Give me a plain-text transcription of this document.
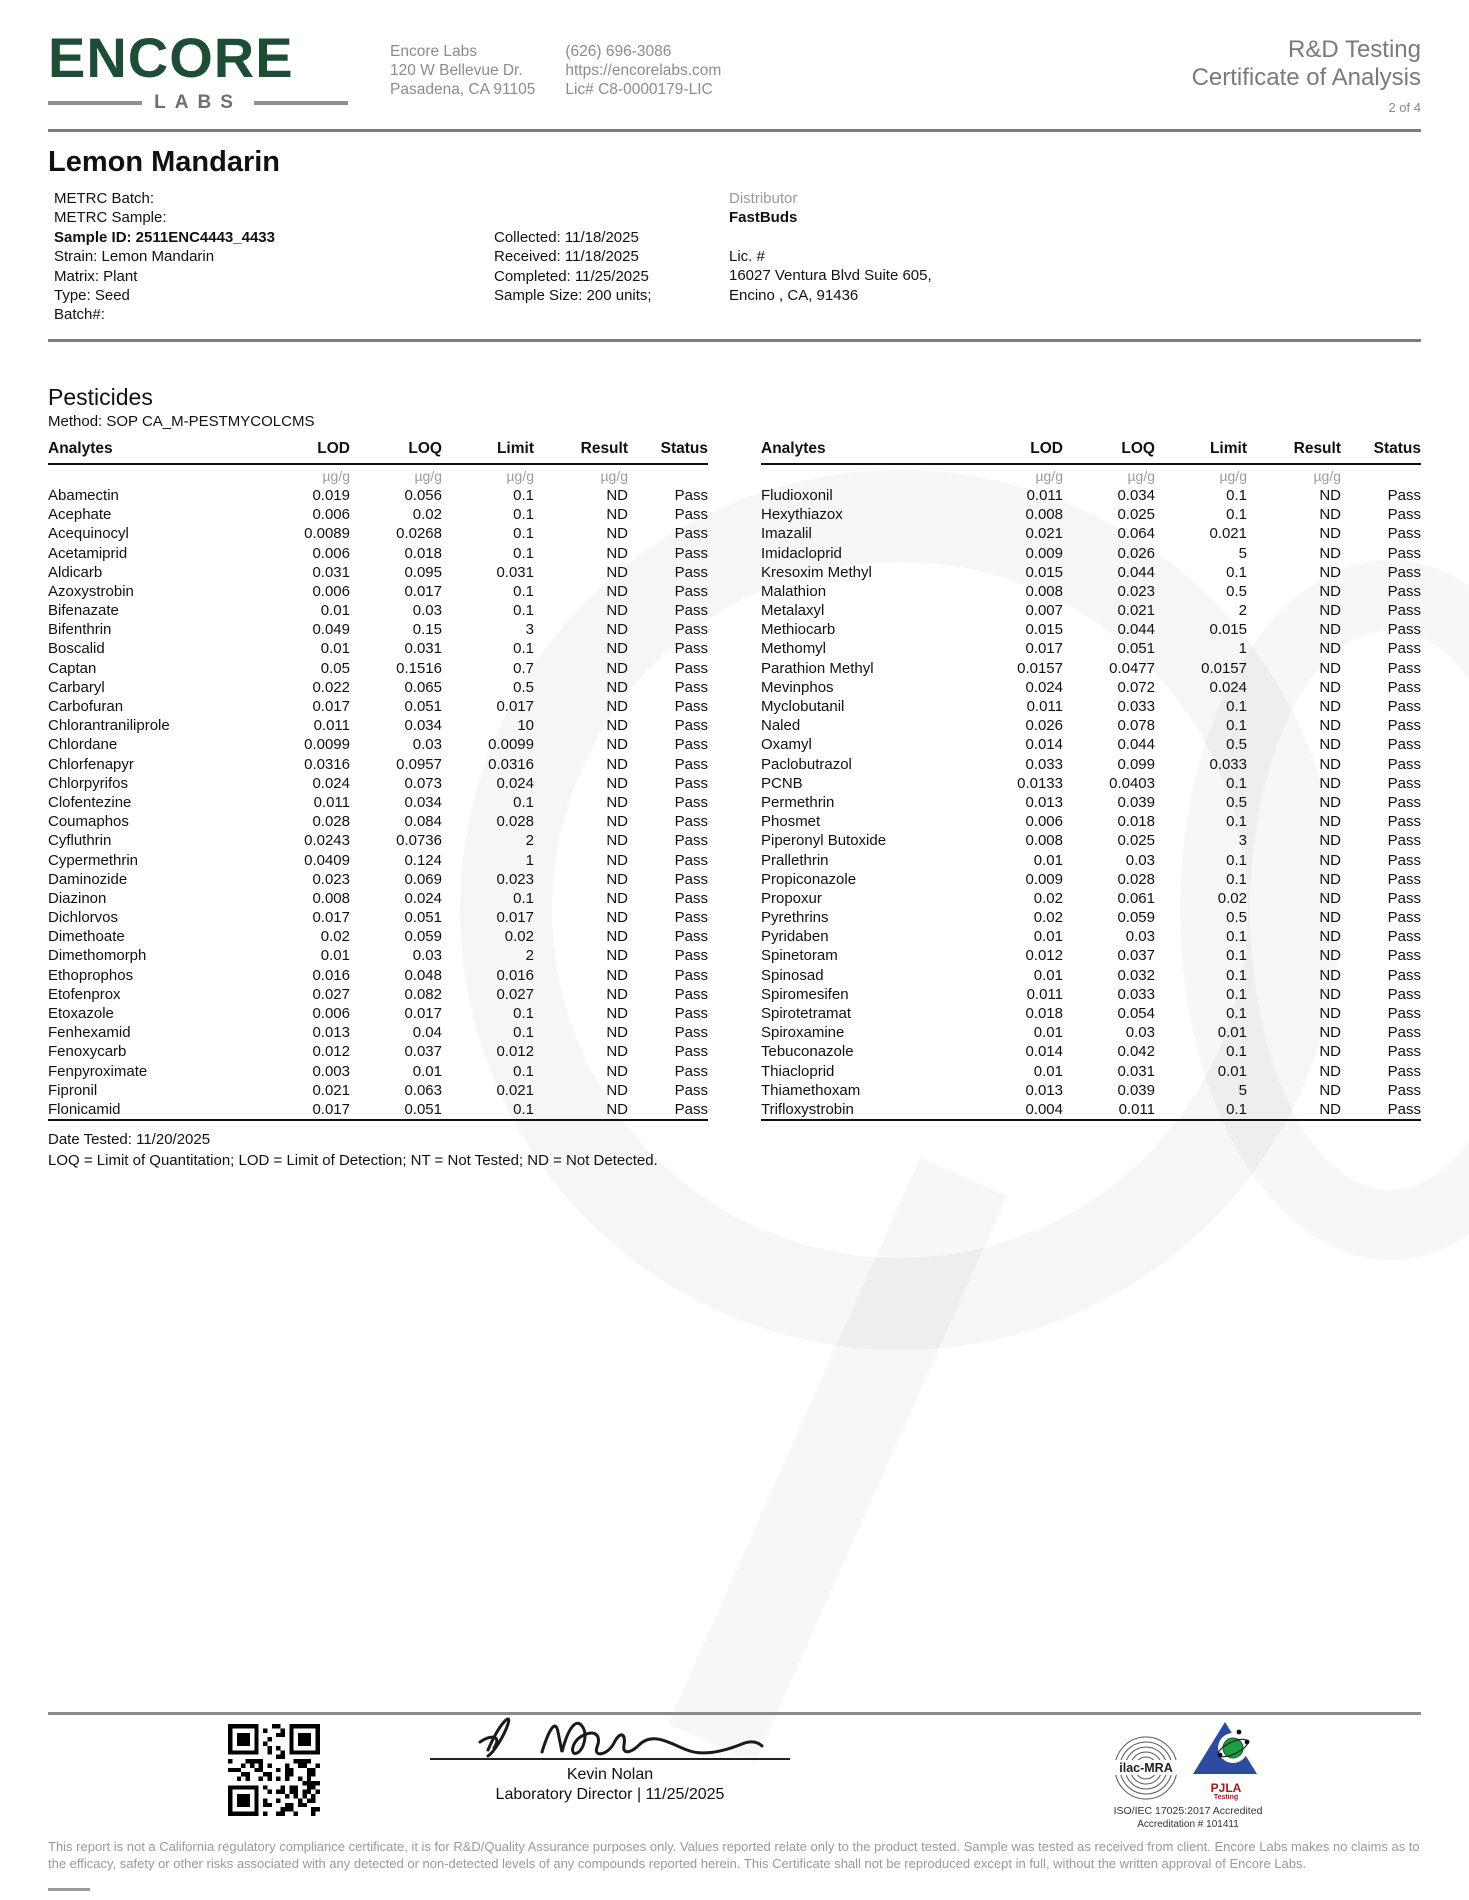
ENCORE
LABS
Encore Labs
120 W Bellevue Dr.
Pasadena, CA 91105
(626) 696-3086
https://encorelabs.com
Lic# C8-0000179-LIC
R&D Testing
Certificate of Analysis
2 of 4
Lemon Mandarin
METRC Batch:
METRC Sample:
Sample ID: 2511ENC4443_4433
Strain: Lemon Mandarin
Matrix: Plant
Type: Seed
Batch#:
Collected: 11/18/2025
Received: 11/18/2025
Completed: 11/25/2025
Sample Size: 200 units;
Distributor
FastBuds
Lic. #
16027 Ventura Blvd Suite 605,
Encino , CA, 91436
Pesticides
Method: SOP CA_M-PESTMYCOLCMS
Analytes	LOD	LOQ	Limit	Result	Status
	µg/g	µg/g	µg/g	µg/g	
Abamectin	0.019	0.056	0.1	ND	Pass
Acephate	0.006	0.02	0.1	ND	Pass
Acequinocyl	0.0089	0.0268	0.1	ND	Pass
Acetamiprid	0.006	0.018	0.1	ND	Pass
Aldicarb	0.031	0.095	0.031	ND	Pass
Azoxystrobin	0.006	0.017	0.1	ND	Pass
Bifenazate	0.01	0.03	0.1	ND	Pass
Bifenthrin	0.049	0.15	3	ND	Pass
Boscalid	0.01	0.031	0.1	ND	Pass
Captan	0.05	0.1516	0.7	ND	Pass
Carbaryl	0.022	0.065	0.5	ND	Pass
Carbofuran	0.017	0.051	0.017	ND	Pass
Chlorantraniliprole	0.011	0.034	10	ND	Pass
Chlordane	0.0099	0.03	0.0099	ND	Pass
Chlorfenapyr	0.0316	0.0957	0.0316	ND	Pass
Chlorpyrifos	0.024	0.073	0.024	ND	Pass
Clofentezine	0.011	0.034	0.1	ND	Pass
Coumaphos	0.028	0.084	0.028	ND	Pass
Cyfluthrin	0.0243	0.0736	2	ND	Pass
Cypermethrin	0.0409	0.124	1	ND	Pass
Daminozide	0.023	0.069	0.023	ND	Pass
Diazinon	0.008	0.024	0.1	ND	Pass
Dichlorvos	0.017	0.051	0.017	ND	Pass
Dimethoate	0.02	0.059	0.02	ND	Pass
Dimethomorph	0.01	0.03	2	ND	Pass
Ethoprophos	0.016	0.048	0.016	ND	Pass
Etofenprox	0.027	0.082	0.027	ND	Pass
Etoxazole	0.006	0.017	0.1	ND	Pass
Fenhexamid	0.013	0.04	0.1	ND	Pass
Fenoxycarb	0.012	0.037	0.012	ND	Pass
Fenpyroximate	0.003	0.01	0.1	ND	Pass
Fipronil	0.021	0.063	0.021	ND	Pass
Flonicamid	0.017	0.051	0.1	ND	Pass
Analytes	LOD	LOQ	Limit	Result	Status
	µg/g	µg/g	µg/g	µg/g	
Fludioxonil	0.011	0.034	0.1	ND	Pass
Hexythiazox	0.008	0.025	0.1	ND	Pass
Imazalil	0.021	0.064	0.021	ND	Pass
Imidacloprid	0.009	0.026	5	ND	Pass
Kresoxim Methyl	0.015	0.044	0.1	ND	Pass
Malathion	0.008	0.023	0.5	ND	Pass
Metalaxyl	0.007	0.021	2	ND	Pass
Methiocarb	0.015	0.044	0.015	ND	Pass
Methomyl	0.017	0.051	1	ND	Pass
Parathion Methyl	0.0157	0.0477	0.0157	ND	Pass
Mevinphos	0.024	0.072	0.024	ND	Pass
Myclobutanil	0.011	0.033	0.1	ND	Pass
Naled	0.026	0.078	0.1	ND	Pass
Oxamyl	0.014	0.044	0.5	ND	Pass
Paclobutrazol	0.033	0.099	0.033	ND	Pass
PCNB	0.0133	0.0403	0.1	ND	Pass
Permethrin	0.013	0.039	0.5	ND	Pass
Phosmet	0.006	0.018	0.1	ND	Pass
Piperonyl Butoxide	0.008	0.025	3	ND	Pass
Prallethrin	0.01	0.03	0.1	ND	Pass
Propiconazole	0.009	0.028	0.1	ND	Pass
Propoxur	0.02	0.061	0.02	ND	Pass
Pyrethrins	0.02	0.059	0.5	ND	Pass
Pyridaben	0.01	0.03	0.1	ND	Pass
Spinetoram	0.012	0.037	0.1	ND	Pass
Spinosad	0.01	0.032	0.1	ND	Pass
Spiromesifen	0.011	0.033	0.1	ND	Pass
Spirotetramat	0.018	0.054	0.1	ND	Pass
Spiroxamine	0.01	0.03	0.01	ND	Pass
Tebuconazole	0.014	0.042	0.1	ND	Pass
Thiacloprid	0.01	0.031	0.01	ND	Pass
Thiamethoxam	0.013	0.039	5	ND	Pass
Trifloxystrobin	0.004	0.011	0.1	ND	Pass
Date Tested: 11/20/2025
LOQ = Limit of Quantitation; LOD = Limit of Detection; NT = Not Tested; ND = Not Detected.
Kevin Nolan
Laboratory Director | 11/25/2025
ilac-MRA
PJLA
Testing
ISO/IEC 17025:2017 Accredited
Accreditation # 101411
This report is not a California regulatory compliance certificate, it is for R&D/Quality Assurance purposes only. Values reported relate only to the product tested. Sample was tested as received from client. Encore Labs makes no claims as to the efficacy, safety or other risks associated with any detected or non-detected levels of any compounds reported herein. This Certificate shall not be reproduced except in full, without the written approval of Encore Labs.
